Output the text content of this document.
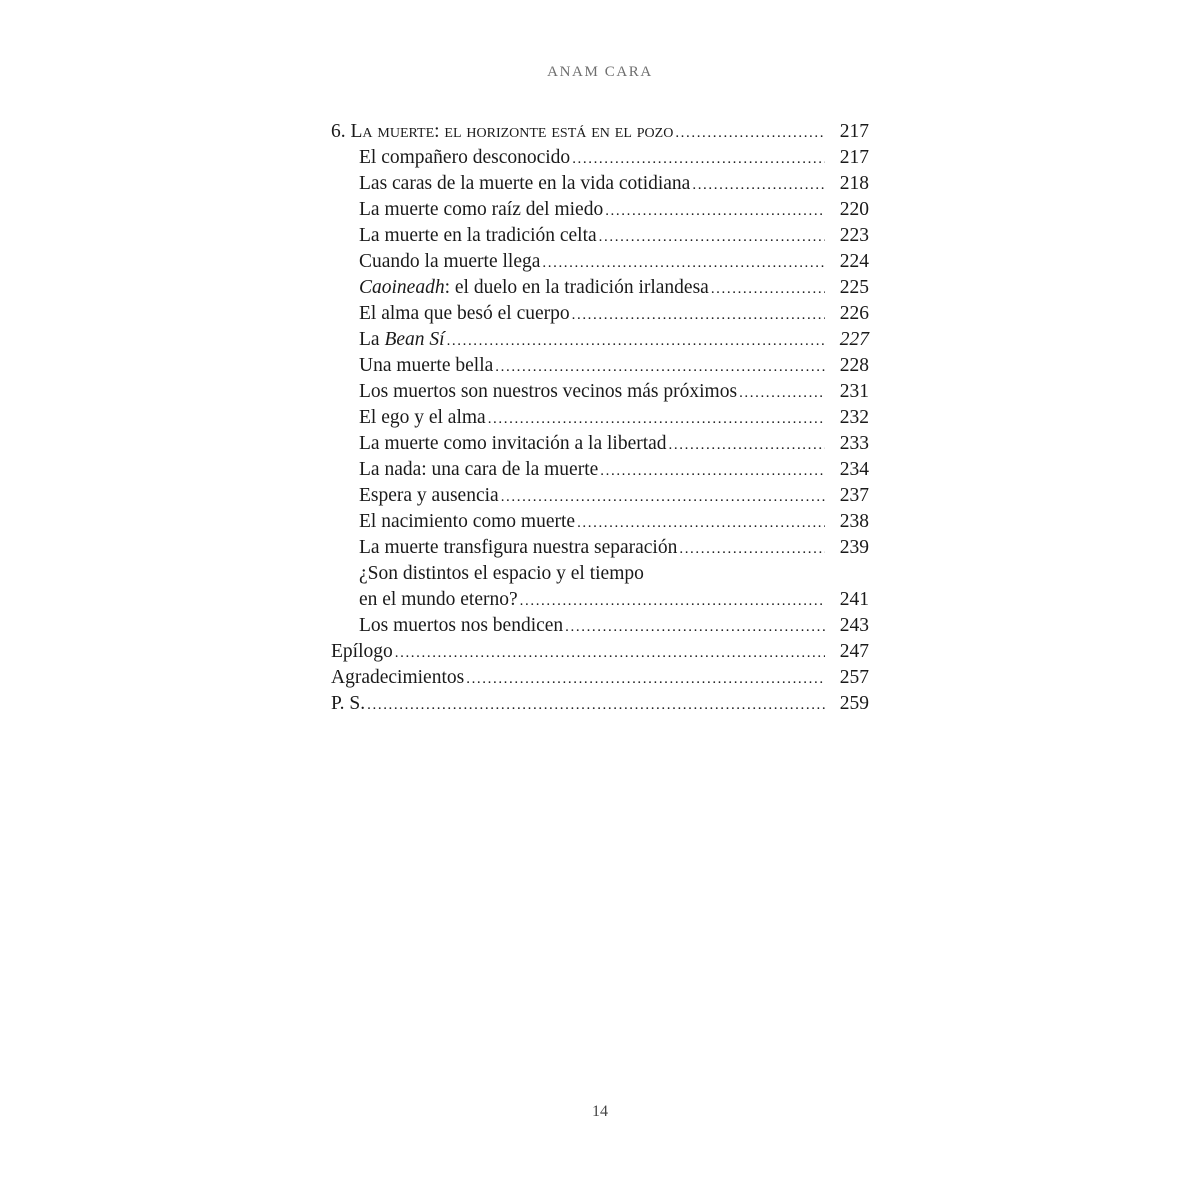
ANAM CARA
6. La muerte: el horizonte está en el pozo .....	217
El compañero desconocido .....	217
Las caras de la muerte en la vida cotidiana .....	218
La muerte como raíz del miedo .....	220
La muerte en la tradición celta .....	223
Cuando la muerte llega .....	224
Caoineadh: el duelo en la tradición irlandesa .....	225
El alma que besó el cuerpo .....	226
La Bean Sí .....	227
Una muerte bella .....	228
Los muertos son nuestros vecinos más próximos .....	231
El ego y el alma .....	232
La muerte como invitación a la libertad .....	233
La nada: una cara de la muerte .....	234
Espera y ausencia .....	237
El nacimiento como muerte .....	238
La muerte transfigura nuestra separación .....	239
¿Son distintos el espacio y el tiempo
en el mundo eterno? .....	241
Los muertos nos bendicen .....	243
Epílogo .....	247
Agradecimientos .....	257
P. S. .....	259
14
